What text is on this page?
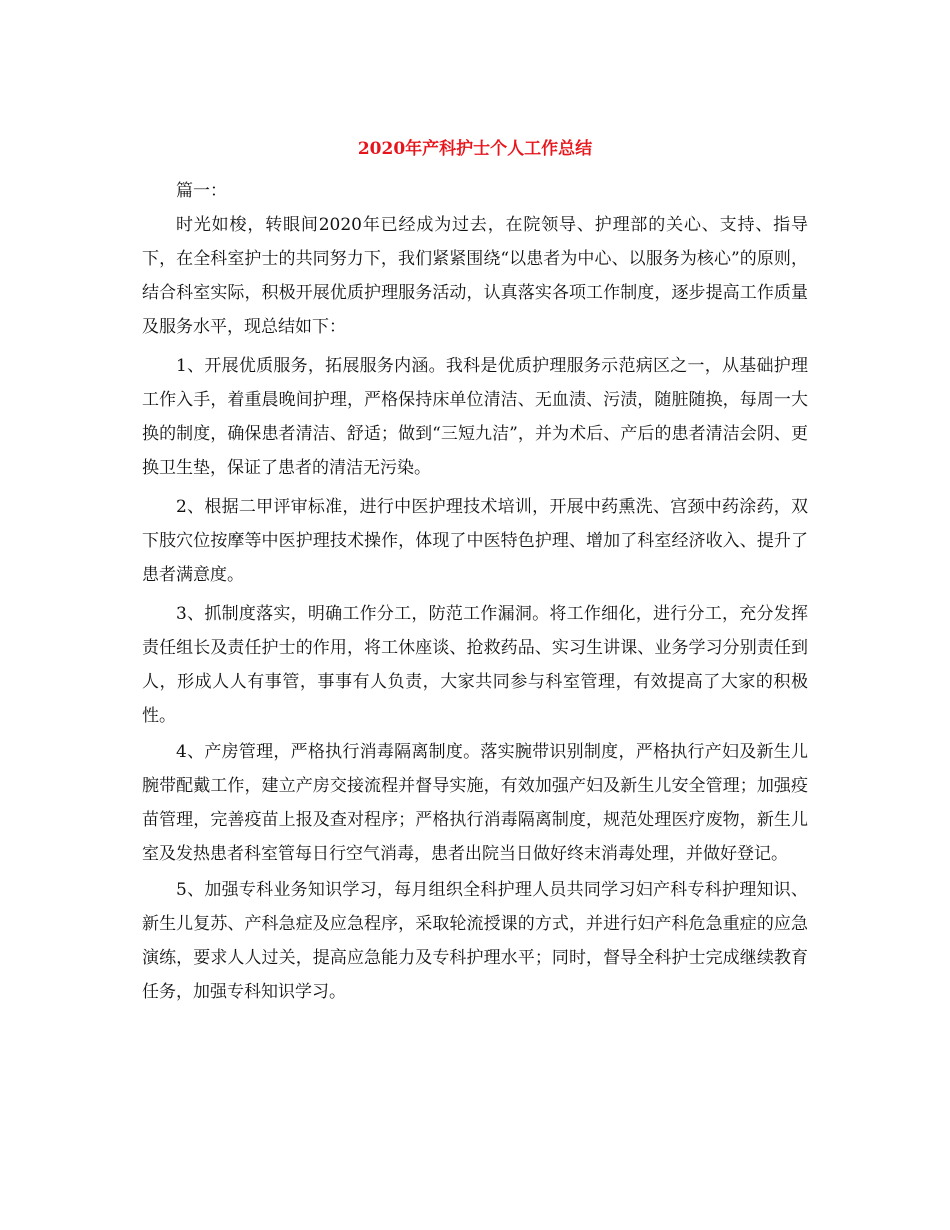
2020年产科护士个人工作总结

篇一：

时光如梭，转眼间2020年已经成为过去，在院领导、护理部的关心、支持、指导下，在全科室护士的共同努力下，我们紧紧围绕“以患者为中心、以服务为核心”的原则，结合科室实际，积极开展优质护理服务活动，认真落实各项工作制度，逐步提高工作质量及服务水平，现总结如下：

1、开展优质服务，拓展服务内涵。我科是优质护理服务示范病区之一，从基础护理工作入手，着重晨晚间护理，严格保持床单位清洁、无血渍、污渍，随脏随换，每周一大换的制度，确保患者清洁、舒适；做到“三短九洁”，并为术后、产后的患者清洁会阴、更换卫生垫，保证了患者的清洁无污染。

2、根据二甲评审标准，进行中医护理技术培训，开展中药熏洗、宫颈中药涂药，双下肢穴位按摩等中医护理技术操作，体现了中医特色护理、增加了科室经济收入、提升了患者满意度。

3、抓制度落实，明确工作分工，防范工作漏洞。将工作细化，进行分工，充分发挥责任组长及责任护士的作用，将工休座谈、抢救药品、实习生讲课、业务学习分别责任到人，形成人人有事管，事事有人负责，大家共同参与科室管理，有效提高了大家的积极性。

4、产房管理，严格执行消毒隔离制度。落实腕带识别制度，严格执行产妇及新生儿腕带配戴工作，建立产房交接流程并督导实施，有效加强产妇及新生儿安全管理；加强疫苗管理，完善疫苗上报及查对程序；严格执行消毒隔离制度，规范处理医疗废物，新生儿室及发热患者科室管每日行空气消毒，患者出院当日做好终末消毒处理，并做好登记。

5、加强专科业务知识学习，每月组织全科护理人员共同学习妇产科专科护理知识、新生儿复苏、产科急症及应急程序，采取轮流授课的方式，并进行妇产科危急重症的应急演练，要求人人过关，提高应急能力及专科护理水平；同时，督导全科护士完成继续教育任务，加强专科知识学习。
